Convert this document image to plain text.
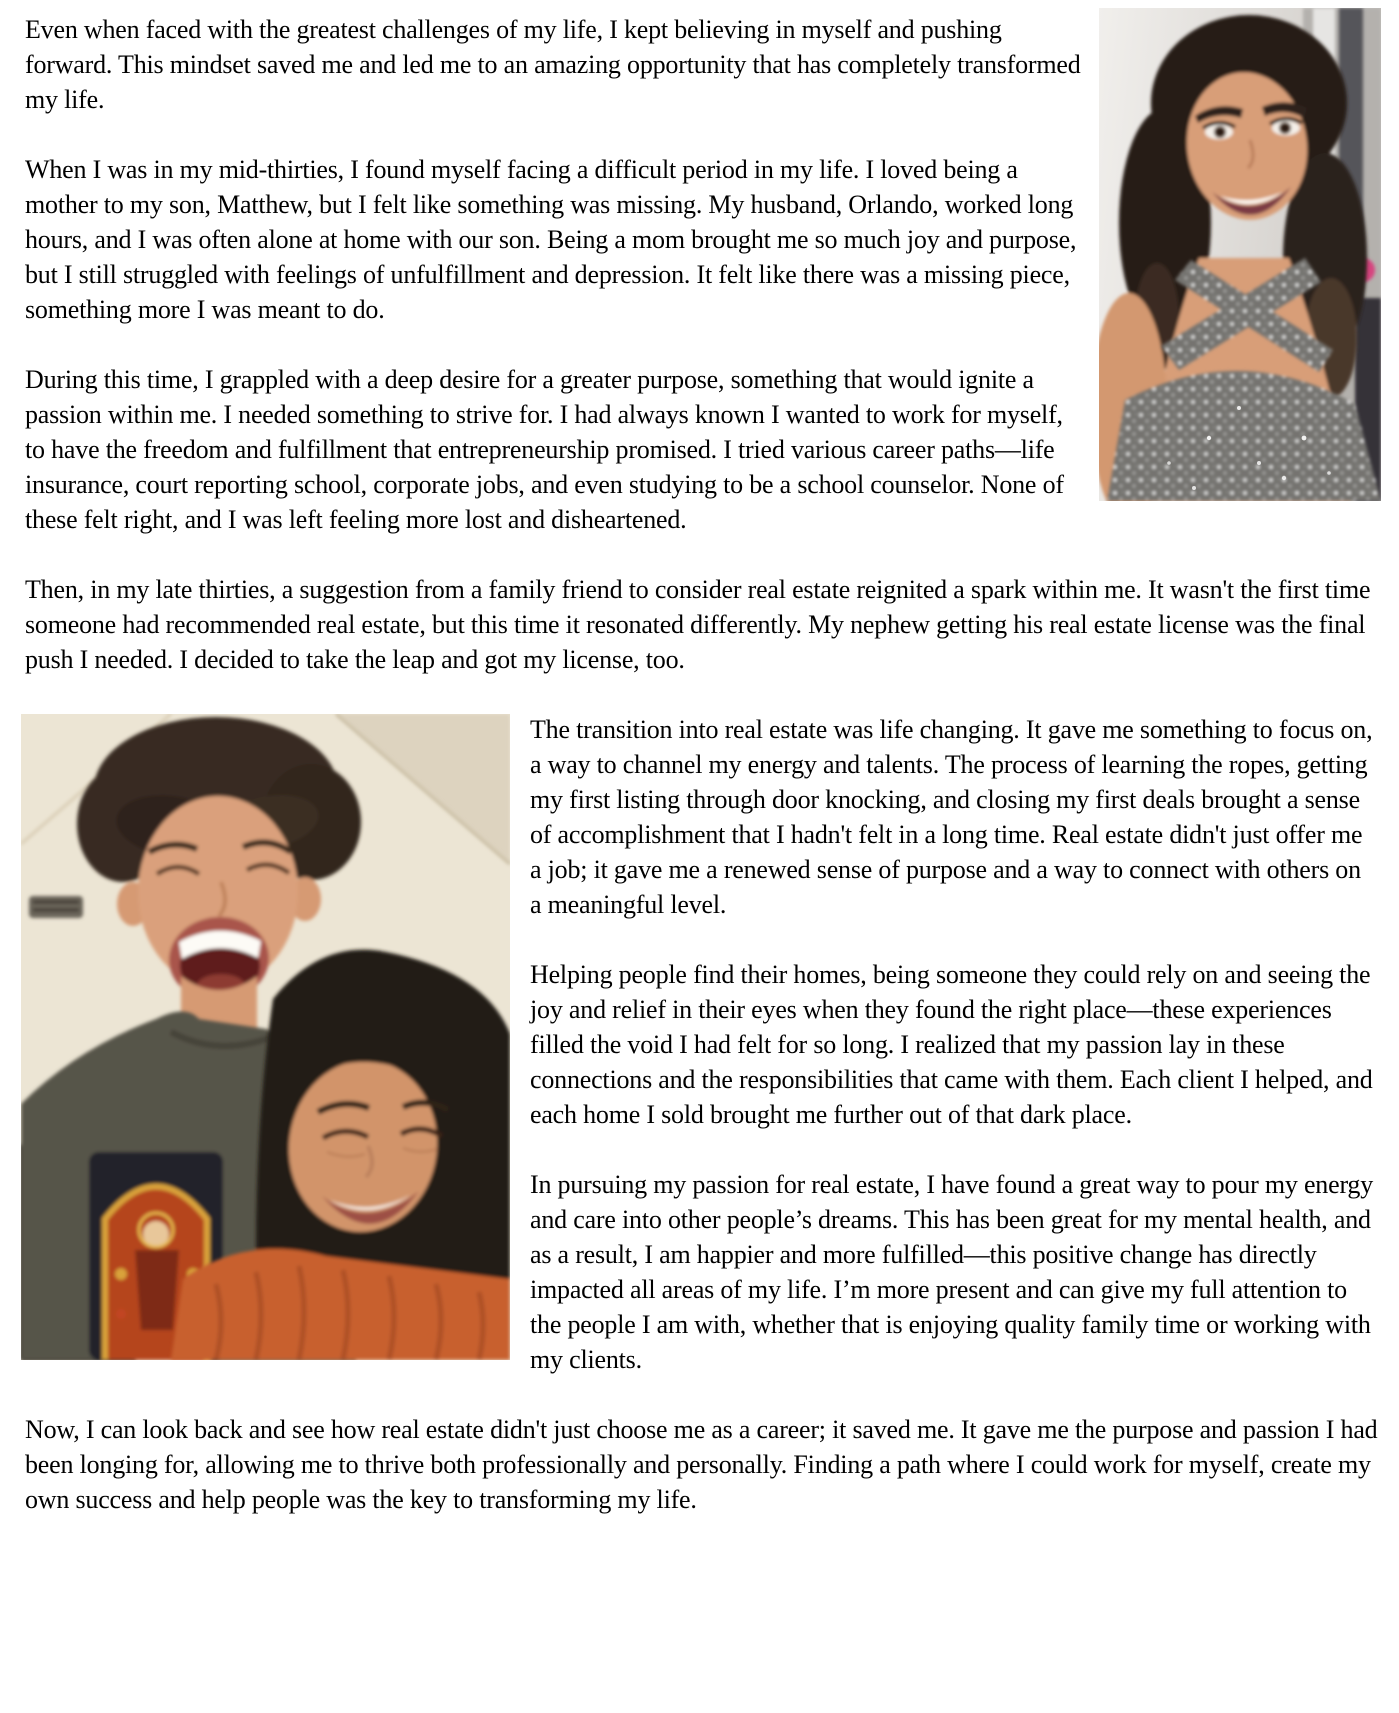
Even when faced with the greatest challenges of my life, I kept believing in myself and pushing forward. This mindset saved me and led me to an amazing opportunity that has completely transformed my life.

When I was in my mid-thirties, I found myself facing a difficult period in my life. I loved being a mother to my son, Matthew, but I felt like something was missing. My husband, Orlando, worked long hours, and I was often alone at home with our son. Being a mom brought me so much joy and purpose, but I still struggled with feelings of unfulfillment and depression. It felt like there was a missing piece, something more I was meant to do.

During this time, I grappled with a deep desire for a greater purpose, something that would ignite a passion within me. I needed something to strive for. I had always known I wanted to work for myself, to have the freedom and fulfillment that entrepreneurship promised. I tried various career paths—life insurance, court reporting school, corporate jobs, and even studying to be a school counselor. None of these felt right, and I was left feeling more lost and disheartened.

Then, in my late thirties, a suggestion from a family friend to consider real estate reignited a spark within me. It wasn't the first time someone had recommended real estate, but this time it resonated differently. My nephew getting his real estate license was the final push I needed. I decided to take the leap and got my license, too.

The transition into real estate was life changing. It gave me something to focus on, a way to channel my energy and talents. The process of learning the ropes, getting my first listing through door knocking, and closing my first deals brought a sense of accomplishment that I hadn't felt in a long time. Real estate didn't just offer me a job; it gave me a renewed sense of purpose and a way to connect with others on a meaningful level.

Helping people find their homes, being someone they could rely on and seeing the joy and relief in their eyes when they found the right place—these experiences filled the void I had felt for so long. I realized that my passion lay in these connections and the responsibilities that came with them. Each client I helped, and each home I sold brought me further out of that dark place.

In pursuing my passion for real estate, I have found a great way to pour my energy and care into other people’s dreams. This has been great for my mental health, and as a result, I am happier and more fulfilled—this positive change has directly impacted all areas of my life. I’m more present and can give my full attention to the people I am with, whether that is enjoying quality family time or working with my clients.

Now, I can look back and see how real estate didn't just choose me as a career; it saved me. It gave me the purpose and passion I had been longing for, allowing me to thrive both professionally and personally. Finding a path where I could work for myself, create my own success and help people was the key to transforming my life.
